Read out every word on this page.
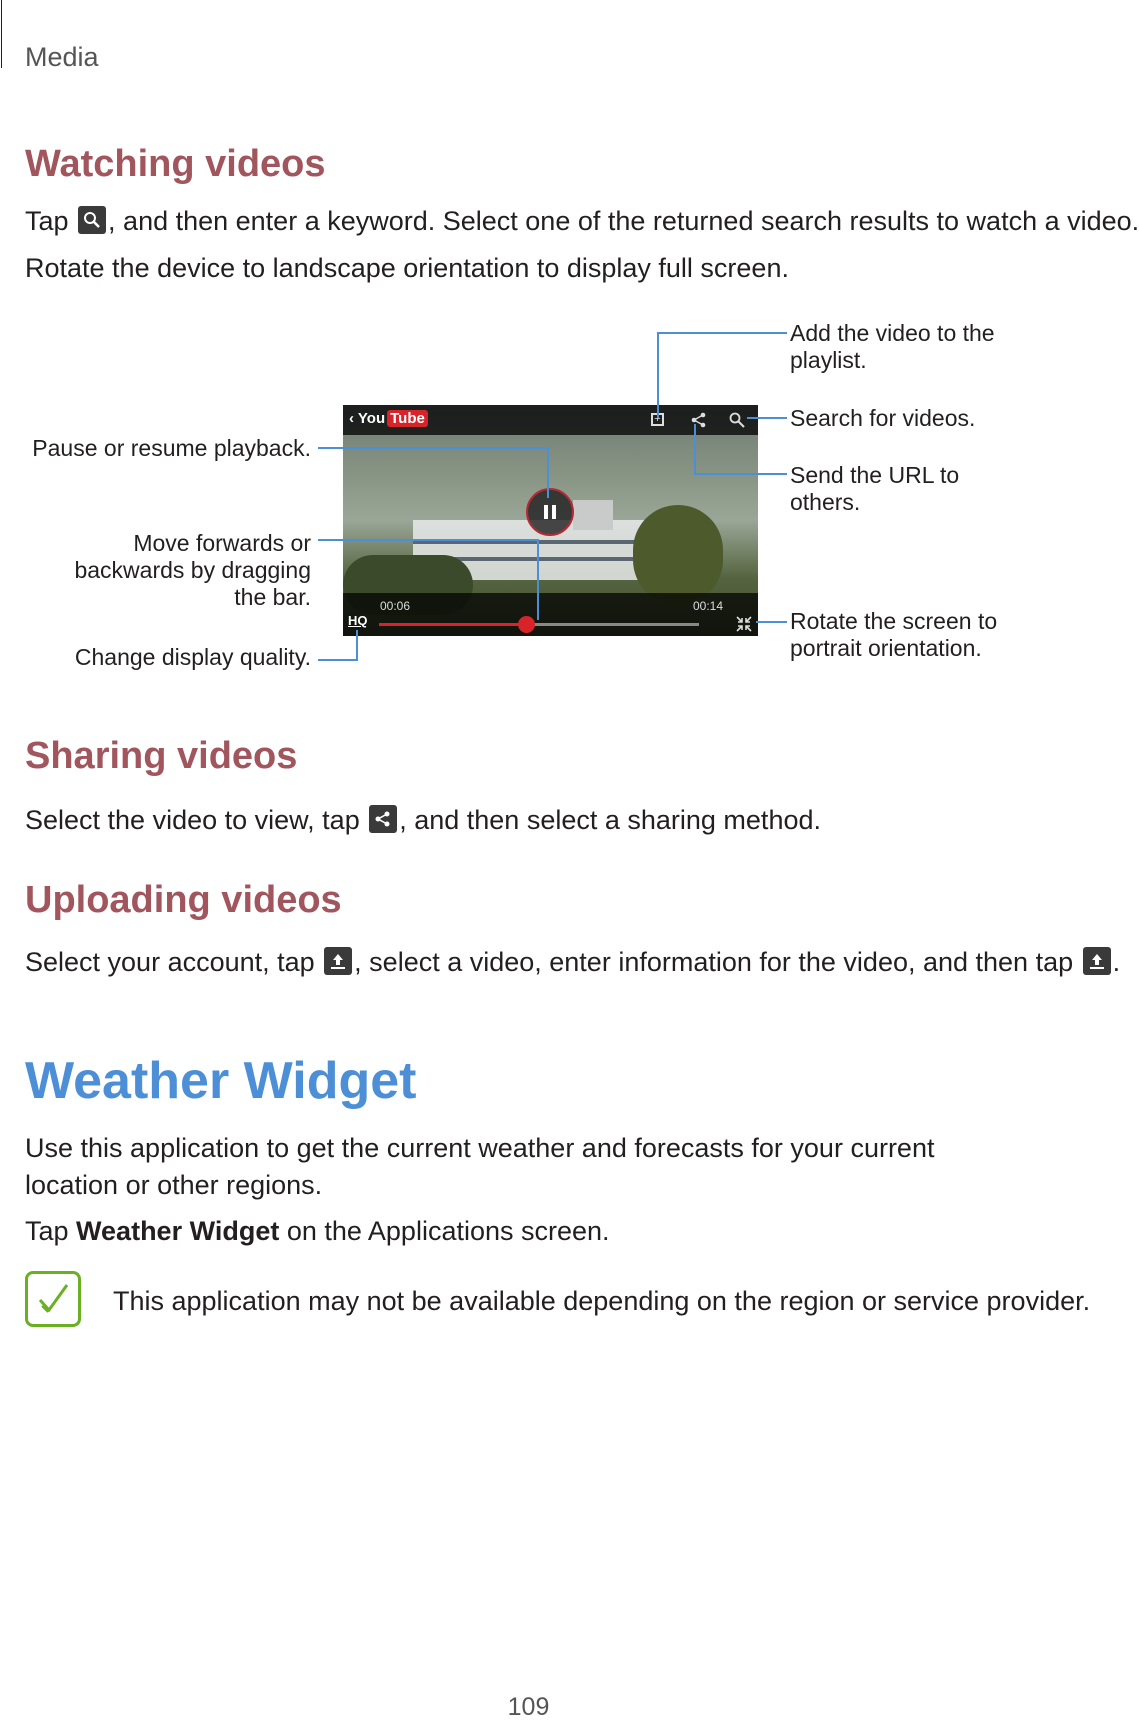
Media
Watching videos
Tap
, and then enter a keyword. Select one of the returned search results to watch a video.
Rotate the device to landscape orientation to display full screen.
‹ You Tube	+
00:06	00:14
HQ
Add the video to the playlist.
Search for videos.
Send the URL to others.
Rotate the screen to portrait orientation.
Pause or resume playback.
Move forwards or backwards by dragging the bar.
Change display quality.
Sharing videos
Select the video to view, tap
, and then select a sharing method.
Uploading videos
Select your account, tap
, select a video, enter information for the video, and then tap
.
Weather Widget
Use this application to get the current weather and forecasts for your current location or other regions.
Tap Weather Widget on the Applications screen.
This application may not be available depending on the region or service provider.
109
